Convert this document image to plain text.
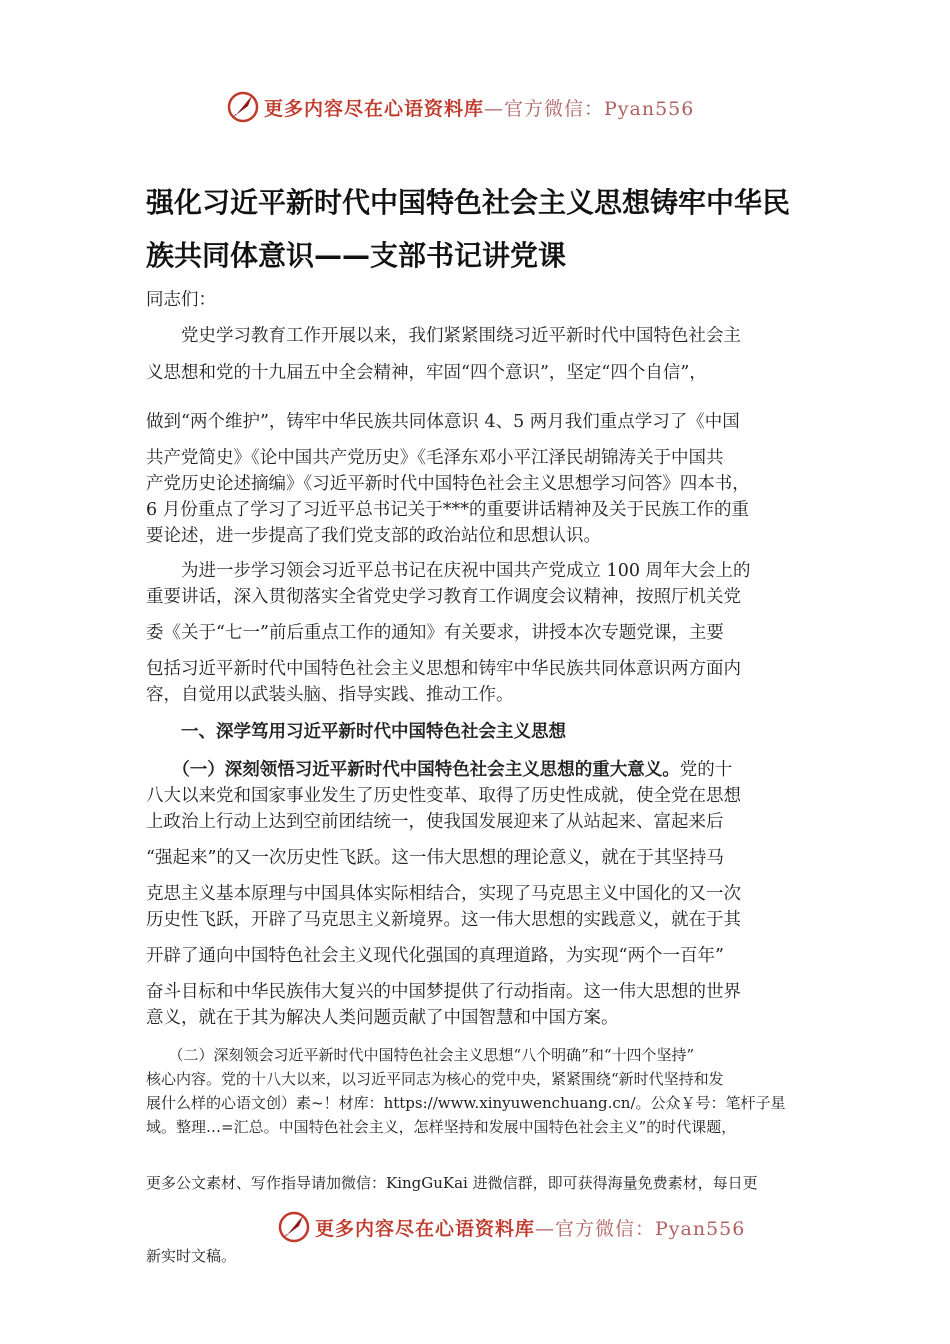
更多内容尽在心语资料库—官方微信：Pyan556
强化习近平新时代中国特色社会主义思想铸牢中华民
族共同体意识——支部书记讲党课
同志们：
　　党史学习教育工作开展以来，我们紧紧围绕习近平新时代中国特色社会主
义思想和党的十九届五中全会精神，牢固“四个意识”，坚定“四个自信”，
做到“两个维护”，铸牢中华民族共同体意识 4、5 两月我们重点学习了《中国
共产党简史》《论中国共产党历史》《毛泽东邓小平江泽民胡锦涛关于中国共
产党历史论述摘编》《习近平新时代中国特色社会主义思想学习问答》四本书，
6 月份重点了学习了习近平总书记关于***的重要讲话精神及关于民族工作的重
要论述，进一步提高了我们党支部的政治站位和思想认识。
　　为进一步学习领会习近平总书记在庆祝中国共产党成立 100 周年大会上的
重要讲话，深入贯彻落实全省党史学习教育工作调度会议精神，按照厅机关党
委《关于“七一”前后重点工作的通知》有关要求，讲授本次专题党课，主要
包括习近平新时代中国特色社会主义思想和铸牢中华民族共同体意识两方面内
容，自觉用以武装头脑、指导实践、推动工作。
　　一、深学笃用习近平新时代中国特色社会主义思想
　　（一）深刻领悟习近平新时代中国特色社会主义思想的重大意义。党的十
八大以来党和国家事业发生了历史性变革、取得了历史性成就，使全党在思想
上政治上行动上达到空前团结统一，使我国发展迎来了从站起来、富起来后
“强起来”的又一次历史性飞跃。这一伟大思想的理论意义，就在于其坚持马
克思主义基本原理与中国具体实际相结合，实现了马克思主义中国化的又一次
历史性飞跃，开辟了马克思主义新境界。这一伟大思想的实践意义，就在于其
开辟了通向中国特色社会主义现代化强国的真理道路，为实现“两个一百年”
奋斗目标和中华民族伟大复兴的中国梦提供了行动指南。这一伟大思想的世界
意义，就在于其为解决人类问题贡献了中国智慧和中国方案。
　　（二）深刻领会习近平新时代中国特色社会主义思想“八个明确”和“十四个坚持”
核心内容。党的十八大以来，以习近平同志为核心的党中央，紧紧围绕“新时代坚持和发
展什么样的心语文创）素~！材库：https://www.xinyuwenchuang.cn/。公众￥号：笔杆子星
域。整理…=汇总。中国特色社会主义，怎样坚持和发展中国特色社会主义”的时代课题，
更多公文素材、写作指导请加微信：KingGuKai 进微信群，即可获得海量免费素材，每日更
更多内容尽在心语资料库—官方微信：Pyan556
新实时文稿。
